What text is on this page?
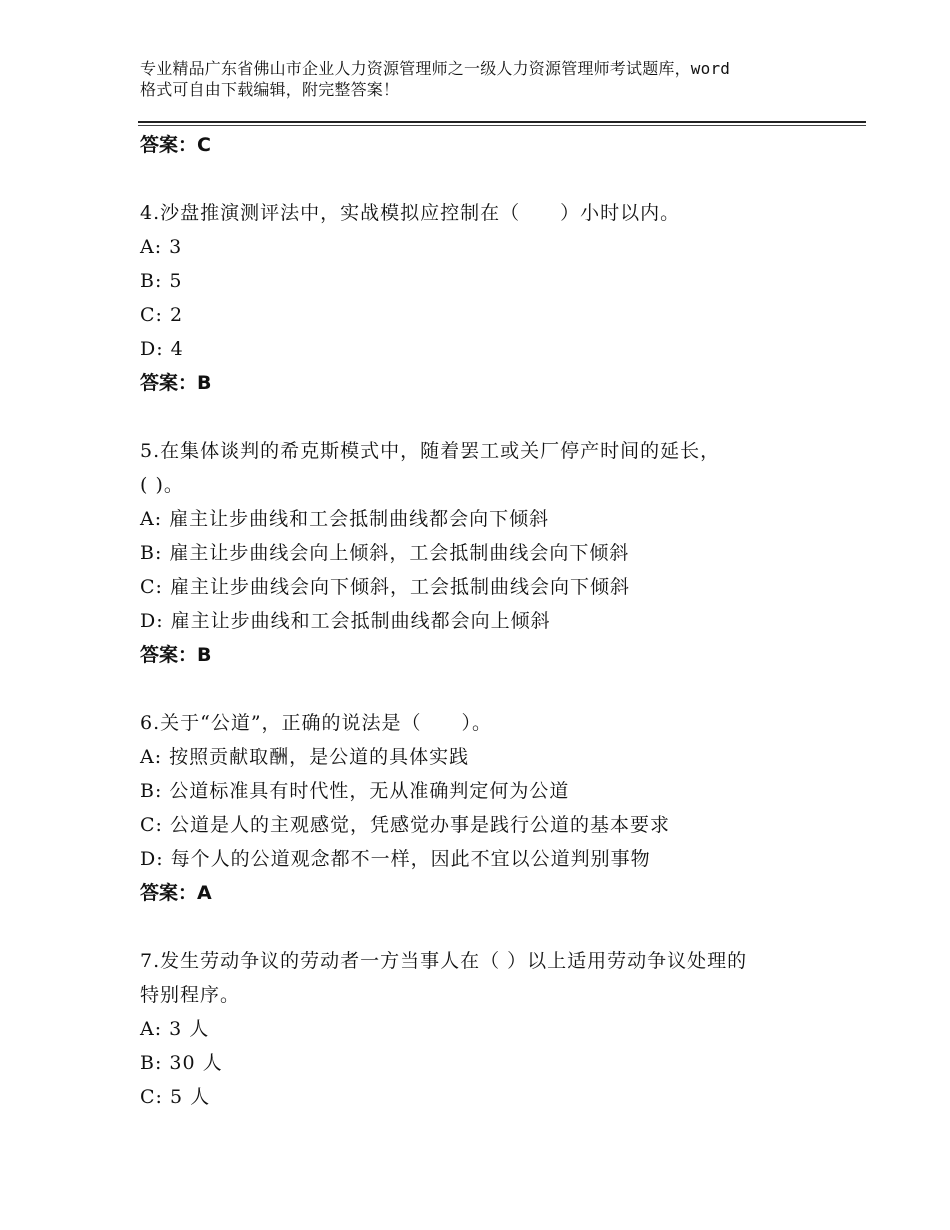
专业精品广东省佛山市企业人力资源管理师之一级人力资源管理师考试题库，word
格式可自由下载编辑，附完整答案！
答案：C
4.沙盘推演测评法中，实战模拟应控制在（　　）小时以内。
A: 3
B: 5
C: 2
D: 4
答案：B
5.在集体谈判的希克斯模式中，随着罢工或关厂停产时间的延长，
( )。
A: 雇主让步曲线和工会抵制曲线都会向下倾斜
B: 雇主让步曲线会向上倾斜，工会抵制曲线会向下倾斜
C: 雇主让步曲线会向下倾斜，工会抵制曲线会向下倾斜
D: 雇主让步曲线和工会抵制曲线都会向上倾斜
答案：B
6.关于“公道”，正确的说法是（　　）。
A: 按照贡献取酬，是公道的具体实践
B: 公道标准具有时代性，无从准确判定何为公道
C: 公道是人的主观感觉，凭感觉办事是践行公道的基本要求
D: 每个人的公道观念都不一样，因此不宜以公道判别事物
答案：A
7.发生劳动争议的劳动者一方当事人在（ ）以上适用劳动争议处理的
特别程序。
A: 3 人
B: 30 人
C: 5 人
